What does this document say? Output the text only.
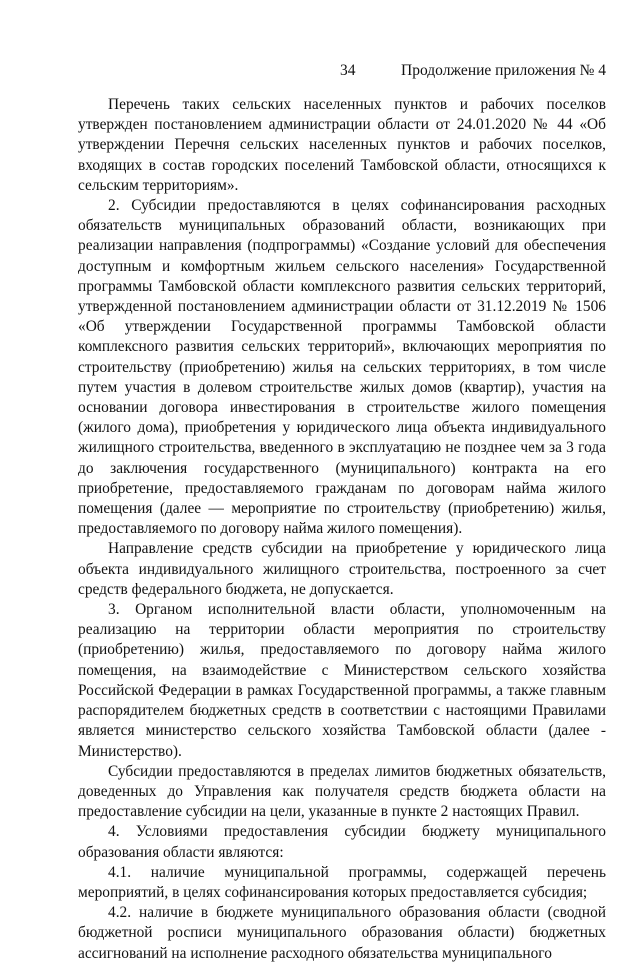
34	Продолжение приложения № 4

Перечень таких сельских населенных пунктов и рабочих поселков утвержден постановлением администрации области от 24.01.2020 № 44 «Об утверждении Перечня сельских населенных пунктов и рабочих поселков, входящих в состав городских поселений Тамбовской области, относящихся к сельским территориям».

2. Субсидии предоставляются в целях софинансирования расходных обязательств муниципальных образований области, возникающих при реализации направления (подпрограммы) «Создание условий для обеспечения доступным и комфортным жильем сельского населения» Государственной программы Тамбовской области комплексного развития сельских территорий, утвержденной постановлением администрации области от 31.12.2019 № 1506 «Об утверждении Государственной программы Тамбовской области комплексного развития сельских территорий», включающих мероприятия по строительству (приобретению) жилья на сельских территориях, в том числе путем участия в долевом строительстве жилых домов (квартир), участия на основании договора инвестирования в строительстве жилого помещения (жилого дома), приобретения у юридического лица объекта индивидуального жилищного строительства, введенного в эксплуатацию не позднее чем за 3 года до заключения государственного (муниципального) контракта на его приобретение, предоставляемого гражданам по договорам найма жилого помещения (далее — мероприятие по строительству (приобретению) жилья, предоставляемого по договору найма жилого помещения).

Направление средств субсидии на приобретение у юридического лица объекта индивидуального жилищного строительства, построенного за счет средств федерального бюджета, не допускается.

3. Органом исполнительной власти области, уполномоченным на реализацию на территории области мероприятия по строительству (приобретению) жилья, предоставляемого по договору найма жилого помещения, на взаимодействие с Министерством сельского хозяйства Российской Федерации в рамках Государственной программы, а также главным распорядителем бюджетных средств в соответствии с настоящими Правилами является министерство сельского хозяйства Тамбовской области (далее - Министерство).

Субсидии предоставляются в пределах лимитов бюджетных обязательств, доведенных до Управления как получателя средств бюджета области на предоставление субсидии на цели, указанные в пункте 2 настоящих Правил.

4. Условиями предоставления субсидии бюджету муниципального образования области являются:

4.1. наличие муниципальной программы, содержащей перечень мероприятий, в целях софинансирования которых предоставляется субсидия;

4.2. наличие в бюджете муниципального образования области (сводной бюджетной росписи муниципального образования области) бюджетных ассигнований на исполнение расходного обязательства муниципального
